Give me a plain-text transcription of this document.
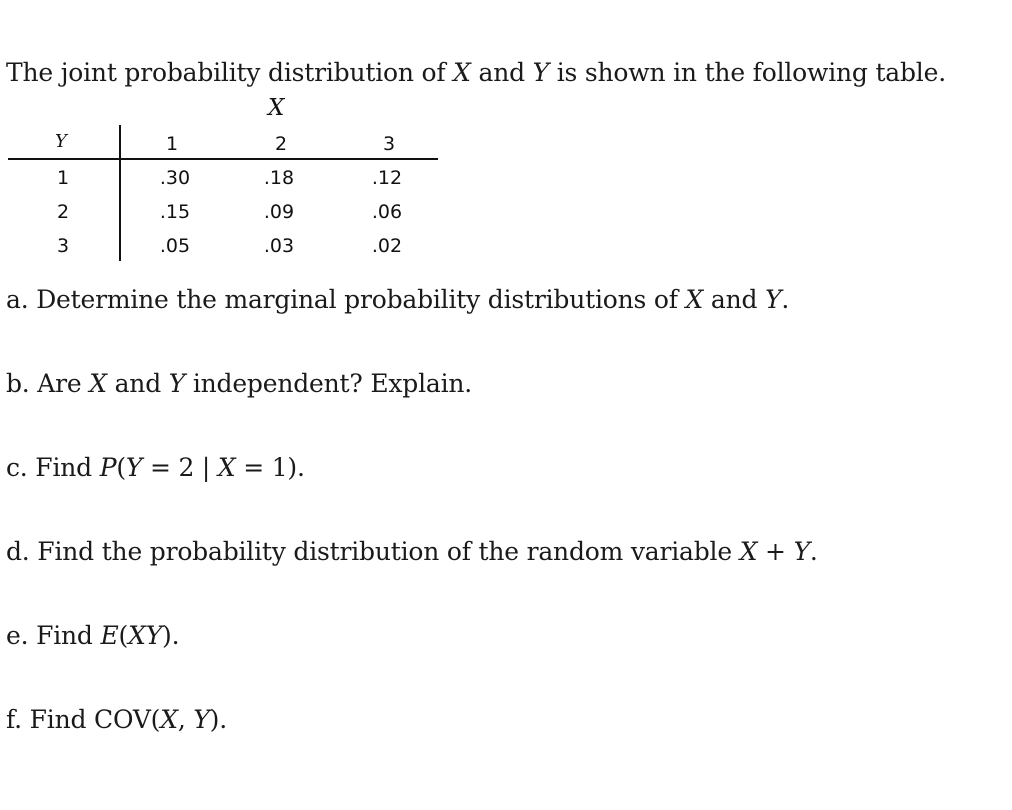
The joint probability distribution of X and Y is shown in the following table.
X
Y	1	2	3
1	.30	.18	.12
2	.15	.09	.06
3	.05	.03	.02
a. Determine the marginal probability distributions of X and Y.
b. Are X and Y independent? Explain.
c. Find P(Y = 2 | X = 1).
d. Find the probability distribution of the random variable X + Y.
e. Find E(XY).
f. Find COV(X, Y).
